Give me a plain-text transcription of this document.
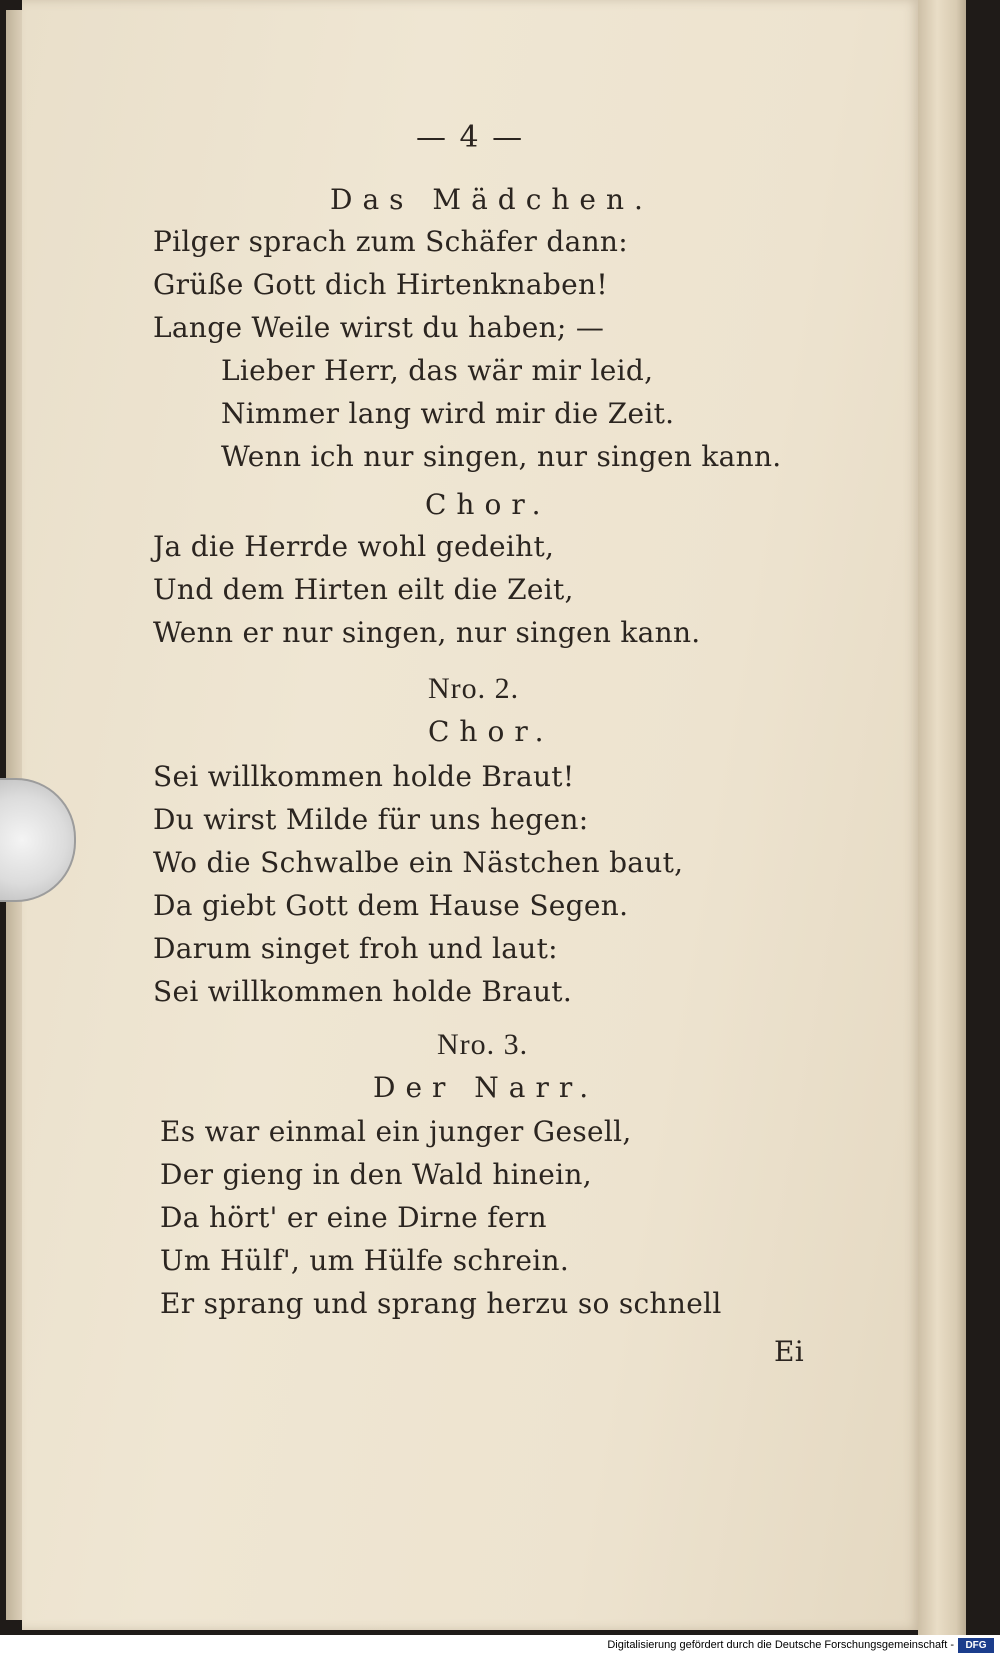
— 4 —
Das Mädchen.
Pilger sprach zum Schäfer dann:
Grüße Gott dich Hirtenknaben!
Lange Weile wirst du haben; —
Lieber Herr, das wär mir leid,
Nimmer lang wird mir die Zeit.
Wenn ich nur singen, nur singen kann.
Chor.
Ja die Herrde wohl gedeiht,
Und dem Hirten eilt die Zeit,
Wenn er nur singen, nur singen kann.
Nro. 2.
Chor.
Sei willkommen holde Braut!
Du wirst Milde für uns hegen:
Wo die Schwalbe ein Nästchen baut,
Da giebt Gott dem Hause Segen.
Darum singet froh und laut:
Sei willkommen holde Braut.
Nro. 3.
Der Narr.
Es war einmal ein junger Gesell,
Der gieng in den Wald hinein,
Da hört' er eine Dirne fern
Um Hülf', um Hülfe schrein.
Er sprang und sprang herzu so schnell
Ei
Digitalisierung gefördert durch die Deutsche Forschungsgemeinschaft -	DFG
